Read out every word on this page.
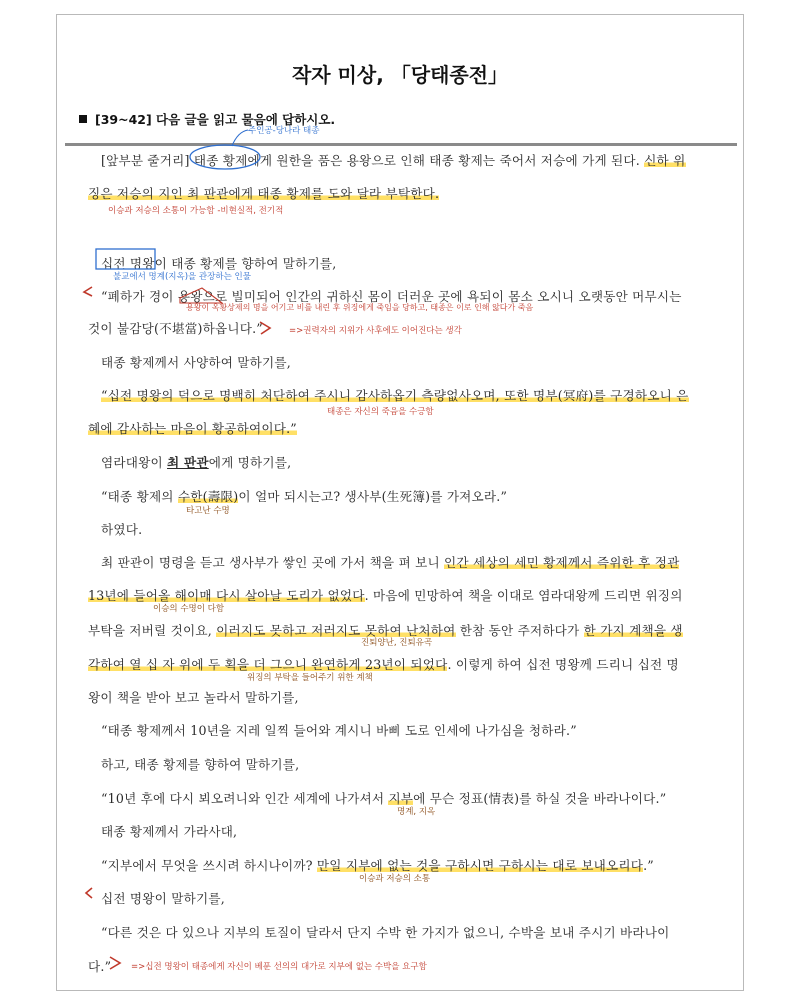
작자 미상, 「당태종전」
[39~42] 다음 글을 읽고 물음에 답하시오.
[앞부분 줄거리] 태종 황제에게 원한을 품은 용왕으로 인해 태종 황제는 죽어서 저승에 가게 된다. 신하 위
징은 저승의 지인 최 판관에게 태종 황제를 도와 달라 부탁한다.
십전 명왕이 태종 황제를 향하여 말하기를,
“폐하가 경이 용왕으로 빌미되어 인간의 귀하신 몸이 더러운 곳에 욕되이 몸소 오시니 오랫동안 머무시는
것이 불감당(不堪當)하옵니다.”
태종 황제께서 사양하여 말하기를,
“십전 명왕의 덕으로 명백히 처단하여 주시니 감사하옵기 측량없사오며, 또한 명부(冥府)를 구경하오니 은
혜에 감사하는 마음이 황공하여이다.”
염라대왕이 최 판관에게 명하기를,
“태종 황제의 수한(壽限)이 얼마 되시는고? 생사부(生死簿)를 가져오라.”
하였다.
최 판관이 명령을 듣고 생사부가 쌓인 곳에 가서 책을 펴 보니 인간 세상의 세민 황제께서 즉위한 후 정관
13년에 들어올 해이매 다시 살아날 도리가 없었다. 마음에 민망하여 책을 이대로 염라대왕께 드리면 위징의
부탁을 저버릴 것이요, 이러지도 못하고 저러지도 못하여 난처하여 한참 동안 주저하다가 한 가지 계책을 생
각하여 열 십 자 위에 두 획을 더 그으니 완연하게 23년이 되었다. 이렇게 하여 십전 명왕께 드리니 십전 명
왕이 책을 받아 보고 놀라서 말하기를,
“태종 황제께서 10년을 지레 일찍 들어와 계시니 바삐 도로 인세에 나가심을 청하라.”
하고, 태종 황제를 향하여 말하기를,
“10년 후에 다시 뵈오려니와 인간 세계에 나가셔서 지부에 무슨 정표(情表)를 하실 것을 바라나이다.”
태종 황제께서 가라사대,
“지부에서 무엇을 쓰시려 하시나이까? 만일 지부에 없는 것을 구하시면 구하시는 대로 보내오리다.”
십전 명왕이 말하기를,
“다른 것은 다 있으나 지부의 토질이 달라서 단지 수박 한 가지가 없으니, 수박을 보내 주시기 바라나이
다.”
주인공-당나라 태종
이승과 저승의 소통이 가능함 -비현실적, 전기적
불교에서 명계(지옥)을 관장하는 인물
용왕이 옥황상제의 명을 어기고 비를 내린 후 위징에게 죽임을 당하고, 태종은 이로 인해 앓다가 죽음
=>권력자의 지위가 사후에도 이어진다는 생각
태종은 자신의 죽음을 수긍함
타고난 수명
이승의 수명이 다함
진퇴양난, 진퇴유곡
위징의 부탁을 들어주기 위한 계책
명계, 지옥
이승과 저승의 소통
=>십전 명왕이 태종에게 자신이 베푼 선의의 대가로 지부에 없는 수박을 요구함
